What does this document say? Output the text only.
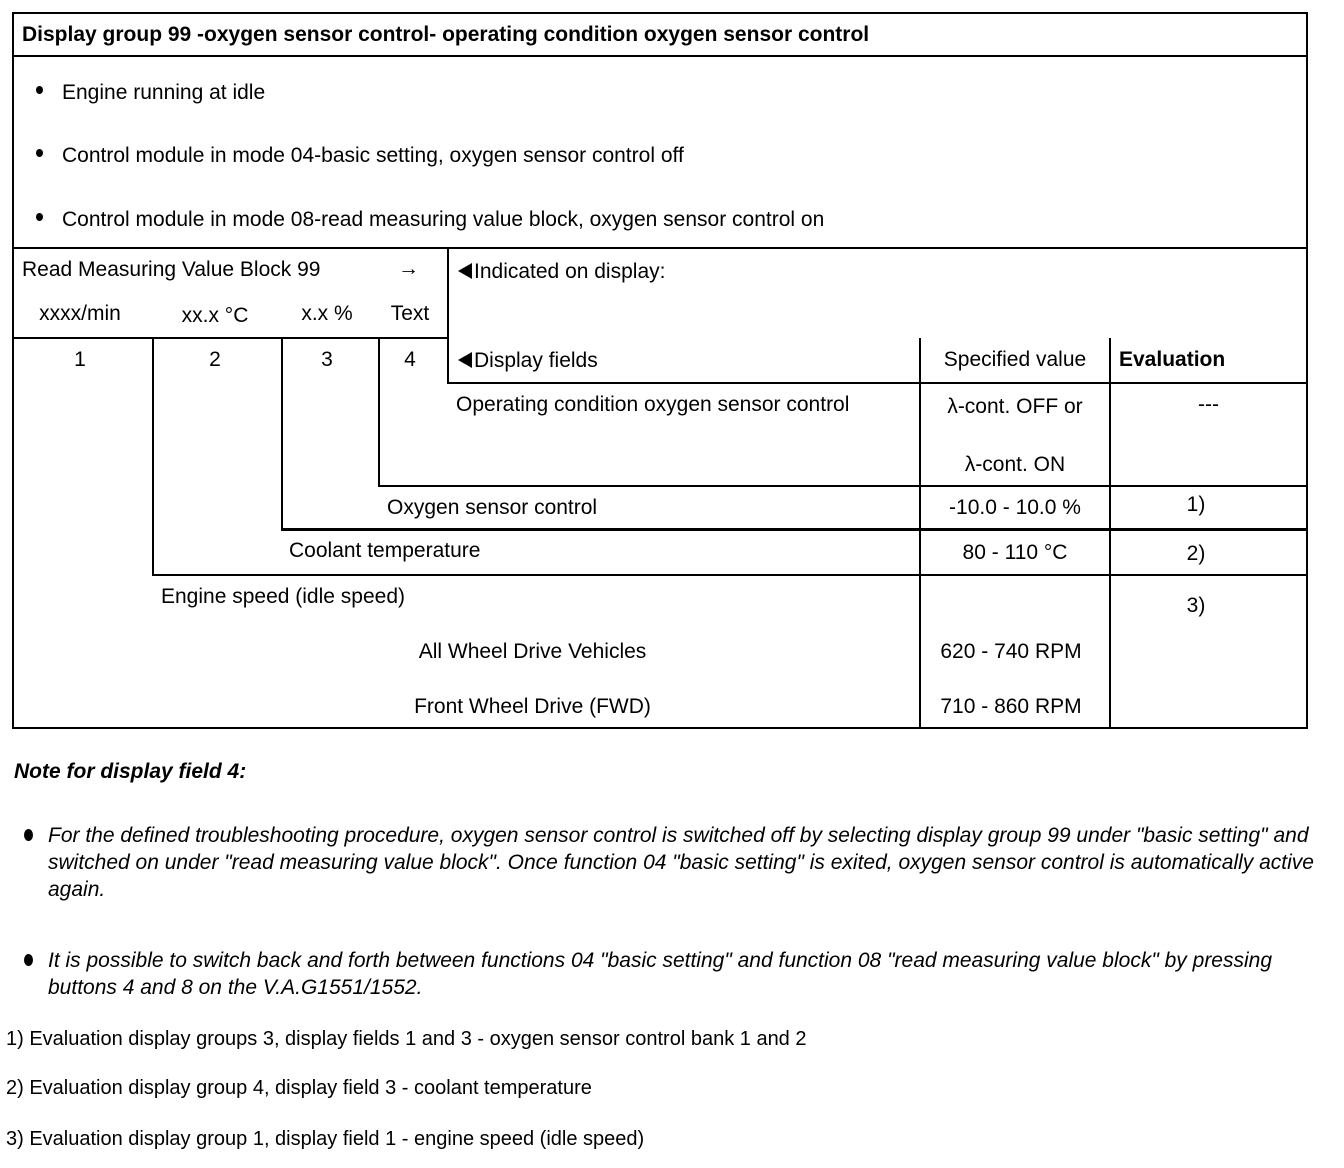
Display group 99 -oxygen sensor control- operating condition oxygen sensor control
Engine running at idle
Control module in mode 04-basic setting, oxygen sensor control off
Control module in mode 08-read measuring value block, oxygen sensor control on
Read Measuring Value Block 99	→	Indicated on display:
xxxx/min	xx.x °C	x.x %	Text
1	2	3	4	Display fields	Specified value	Evaluation
Operating condition oxygen sensor control	λ-cont. OFF or
λ-cont. ON
---
Oxygen sensor control	-10.0 - 10.0 %	1)
Coolant temperature	80 - 110 °C	2)
Engine speed (idle speed)	3)
All Wheel Drive Vehicles	620 - 740 RPM
Front Wheel Drive (FWD)	710 - 860 RPM
Note for display field 4:
For the defined troubleshooting procedure, oxygen sensor control is switched off by selecting display group 99 under "basic setting" and switched on under "read measuring value block". Once function 04 "basic setting" is exited, oxygen sensor control is automatically active again.
It is possible to switch back and forth between functions 04 "basic setting" and function 08 "read measuring value block" by pressing buttons 4 and 8 on the V.A.G1551/1552.
1) Evaluation display groups 3, display fields 1 and 3 - oxygen sensor control bank 1 and 2
2) Evaluation display group 4, display field 3 - coolant temperature
3) Evaluation display group 1, display field 1 - engine speed (idle speed)
